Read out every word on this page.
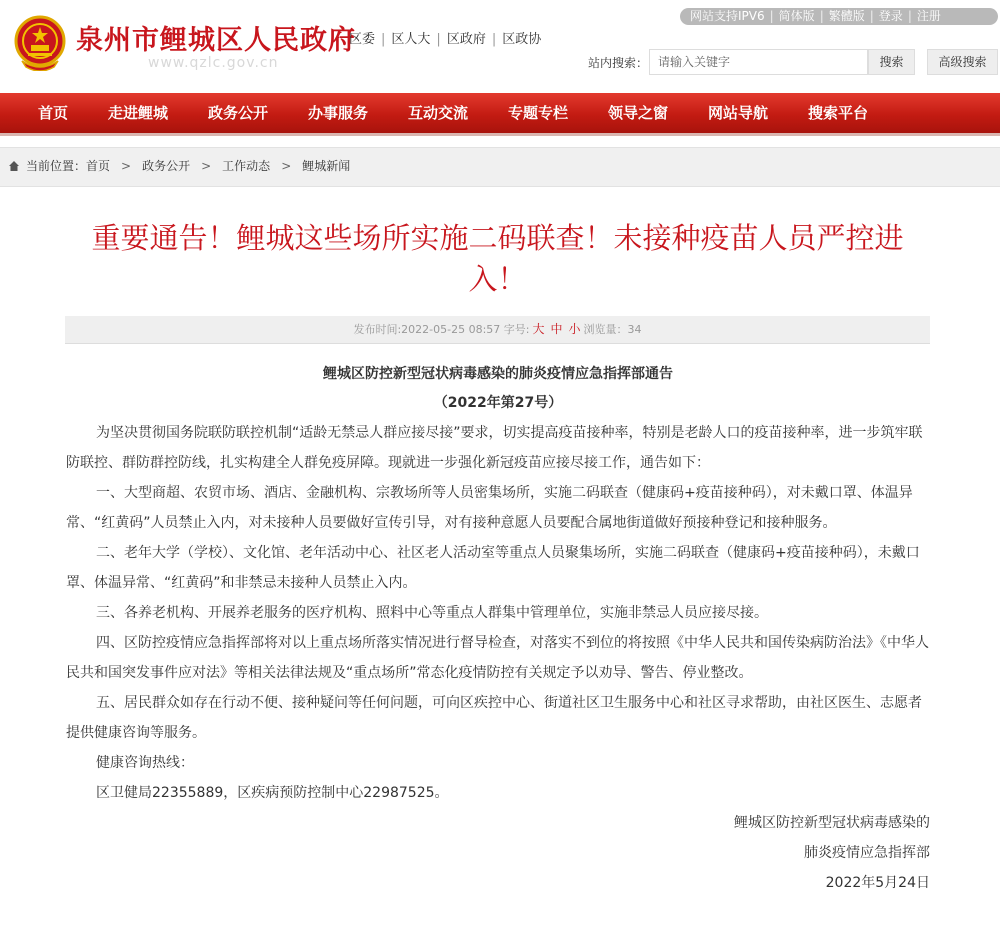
泉州市鲤城区人民政府
www.qzlc.gov.cn
区委 | 区人大 | 区政府 | 区政协
网站支持IPV6 | 简体版 | 繁體版 | 登录 | 注册
站内搜索：
请输入关键字	搜索	高级搜索
首页	走进鲤城	政务公开	办事服务	互动交流	专题专栏	领导之窗	网站导航	搜索平台
当前位置：首页 > 政务公开 > 工作动态 > 鲤城新闻
重要通告！鲤城这些场所实施二码联查！未接种疫苗人员严控进入！
发布时间:2022-05-25 08:57 字号: 大 中 小 浏览量：34
鲤城区防控新型冠状病毒感染的肺炎疫情应急指挥部通告
（2022年第27号）

为坚决贯彻国务院联防联控机制“适龄无禁忌人群应接尽接”要求，切实提高疫苗接种率，特别是老龄人口的疫苗接种率，进一步筑牢联防联控、群防群控防线，扎实构建全人群免疫屏障。现就进一步强化新冠疫苗应接尽接工作，通告如下：

一、大型商超、农贸市场、酒店、金融机构、宗教场所等人员密集场所，实施二码联查（健康码+疫苗接种码），对未戴口罩、体温异常、“红黄码”人员禁止入内，对未接种人员要做好宣传引导，对有接种意愿人员要配合属地街道做好预接种登记和接种服务。

二、老年大学（学校）、文化馆、老年活动中心、社区老人活动室等重点人员聚集场所，实施二码联查（健康码+疫苗接种码），未戴口罩、体温异常、“红黄码”和非禁忌未接种人员禁止入内。

三、各养老机构、开展养老服务的医疗机构、照料中心等重点人群集中管理单位，实施非禁忌人员应接尽接。

四、区防控疫情应急指挥部将对以上重点场所落实情况进行督导检查，对落实不到位的将按照《中华人民共和国传染病防治法》《中华人民共和国突发事件应对法》等相关法律法规及“重点场所”常态化疫情防控有关规定予以劝导、警告、停业整改。

五、居民群众如存在行动不便、接种疑问等任何问题，可向区疾控中心、街道社区卫生服务中心和社区寻求帮助，由社区医生、志愿者提供健康咨询等服务。

健康咨询热线：

区卫健局22355889，区疾病预防控制中心22987525。

鲤城区防控新型冠状病毒感染的

肺炎疫情应急指挥部

2022年5月24日
